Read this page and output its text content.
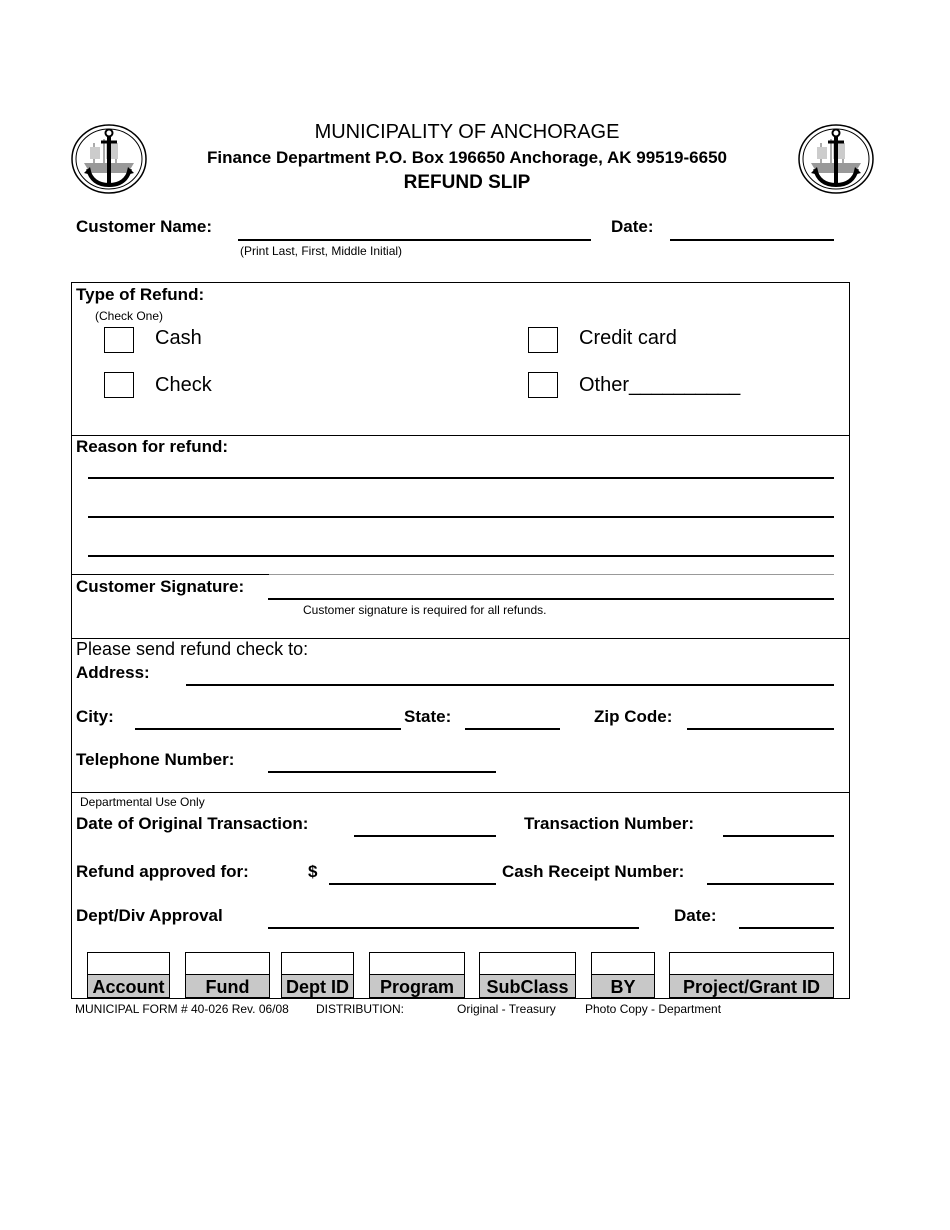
MUNICIPALITY OF ANCHORAGE
Finance Department P.O. Box 196650 Anchorage, AK 99519-6650
REFUND SLIP
Customer Name:
(Print Last, First, Middle Initial)
Date:
Type of Refund:
(Check One)
Cash	Credit card
Check	Other__________
Reason for refund:
Customer Signature:
Customer signature is required for all refunds.
Please send refund check to:
Address:
City:	State:	Zip Code:
Telephone Number:
Departmental Use Only
Date of Original Transaction:	Transaction Number:
Refund approved for:	$	Cash Receipt Number:
Dept/Div Approval	Date:
Account	Fund	Dept ID	Program	SubClass	BY	Project/Grant ID
MUNICIPAL FORM # 40-026 Rev. 06/08 DISTRIBUTION:	Original - Treasury Photo Copy - Department
